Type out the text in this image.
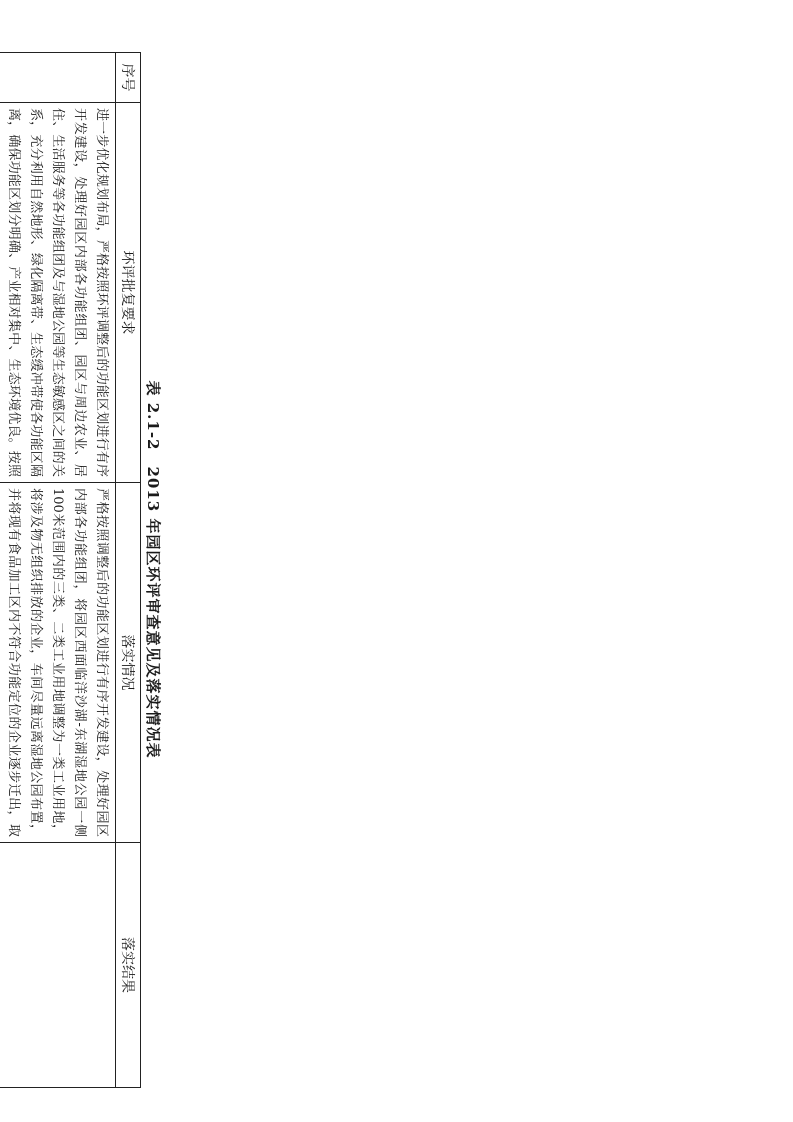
表 2.1-2　2013 年园区环评审查意见及落实情况表
序号	环评批复要求	落实情况	落实结果
	进一步优化规划布局，严格按照环评调整后的功能区划进行有序开发建设，处理好园区内部各功能组团、园区与周边农业、居住、生活服务等各功能组团及与湿地公园等生态敏感区之间的关系，充分利用自然地形、绿化隔离带、生态缓冲带使各功能区隔离，确保功能区划分明确、产业相对集中、生态环境优良。按照	严格按照调整后的功能区划进行有序开发建设，处理好园区内部各功能组团，将园区西面临洋沙湖-东湖湿地公园一侧100米范围内的三类、二类工业用地调整为一类工业用地，将涉及物无组织排放的企业，车间尽量远离湿地公园布置，并将现有食品加工区内不符合功能定位的企业逐步迁出，取	
